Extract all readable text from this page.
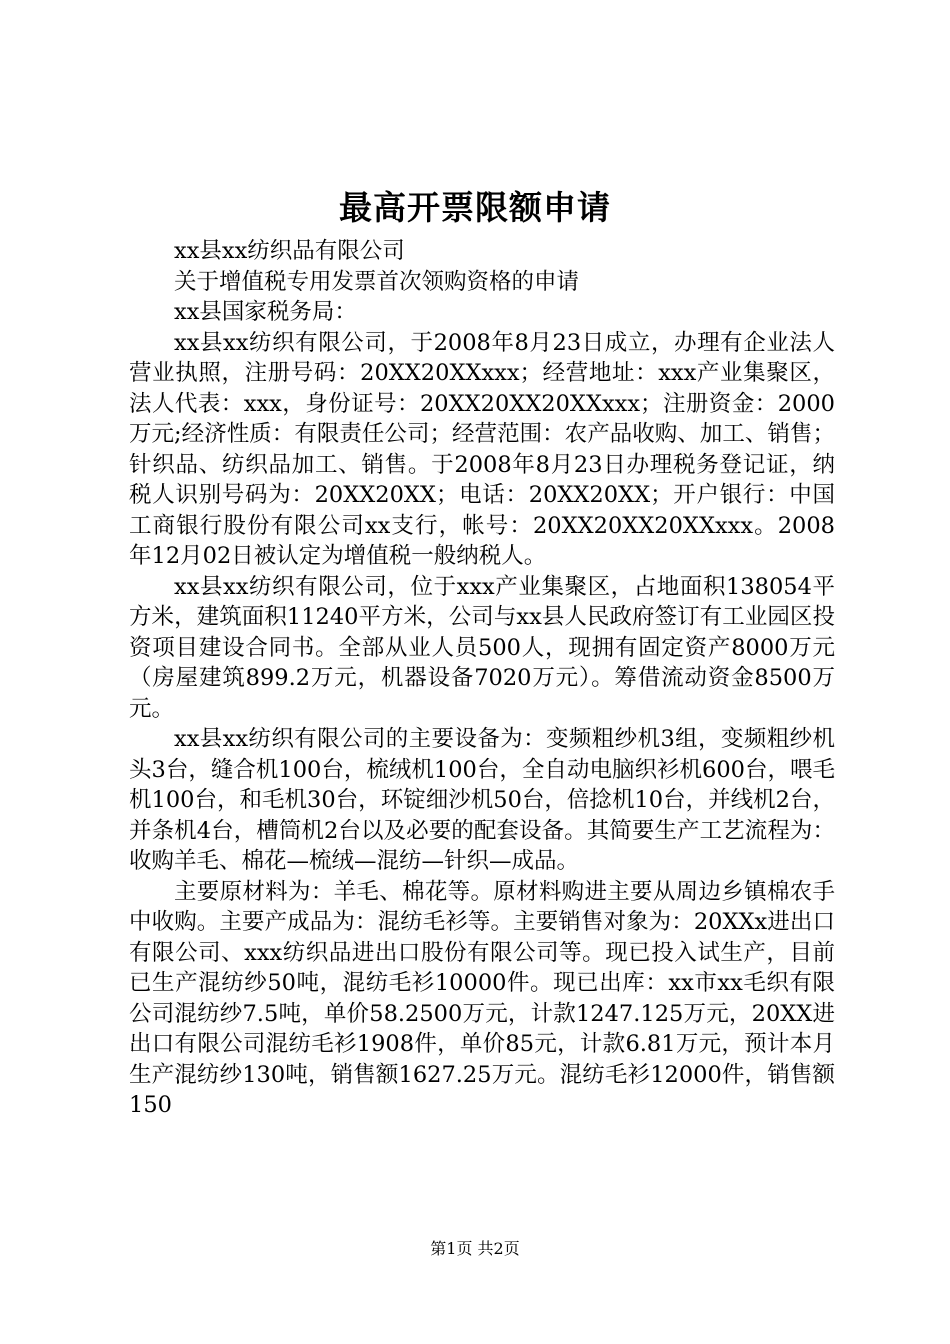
最高开票限额申请

xx县xx纺织品有限公司

关于增值税专用发票首次领购资格的申请

xx县国家税务局：

xx县xx纺织有限公司，于2008年8月23日成立，办理有企业法人营业执照，注册号码：20XX20XXxxx；经营地址：xxx产业集聚区，法人代表：xxx，身份证号：20XX20XX20XXxxx；注册资金：2000万元;经济性质：有限责任公司；经营范围：农产品收购、加工、销售；针织品、纺织品加工、销售。于2008年8月23日办理税务登记证，纳税人识别号码为：20XX20XX；电话：20XX20XX；开户银行：中国工商银行股份有限公司xx支行，帐号：20XX20XX20XXxxx。2008年12月02日被认定为增值税一般纳税人。

xx县xx纺织有限公司，位于xxx产业集聚区，占地面积138054平方米，建筑面积11240平方米，公司与xx县人民政府签订有工业园区投资项目建设合同书。全部从业人员500人，现拥有固定资产8000万元（房屋建筑899.2万元，机器设备7020万元）。筹借流动资金8500万元。

xx县xx纺织有限公司的主要设备为：变频粗纱机3组，变频粗纱机头3台，缝合机100台，梳绒机100台，全自动电脑织衫机600台，喂毛机100台，和毛机30台，环锭细沙机50台，倍捻机10台，并线机2台，并条机4台，槽筒机2台以及必要的配套设备。其简要生产工艺流程为：收购羊毛、棉花—梳绒—混纺—针织—成品。

主要原材料为：羊毛、棉花等。原材料购进主要从周边乡镇棉农手中收购。主要产成品为：混纺毛衫等。主要销售对象为：20XXx进出口有限公司、xxx纺织品进出口股份有限公司等。现已投入试生产，目前已生产混纺纱50吨，混纺毛衫10000件。现已出库：xx市xx毛织有限公司混纺纱7.5吨，单价58.2500万元，计款1247.125万元，20XX进出口有限公司混纺毛衫1908件，单价85元，计款6.81万元，预计本月生产混纺纱130吨，销售额1627.25万元。混纺毛衫12000件，销售额150

第1页 共2页
